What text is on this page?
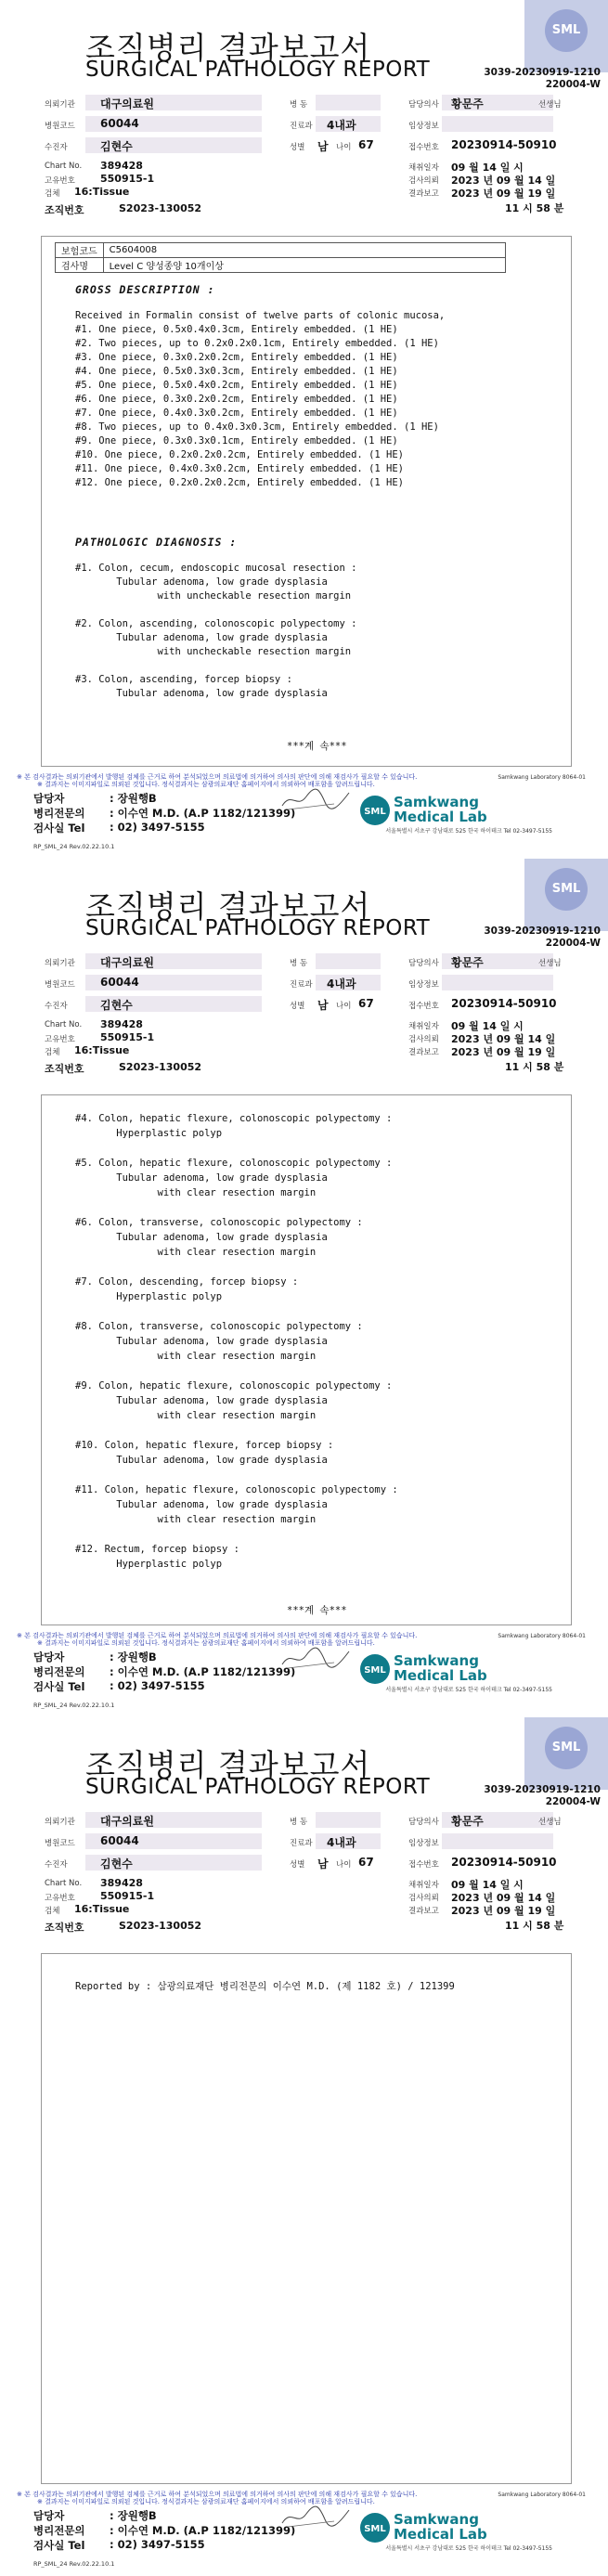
조직병리 결과보고서
SURGICAL PATHOLOGY REPORT
SML
3039-20230919-1210
220004-W
의뢰기관 대구의료원
병원코드 60044
수진자	김현수
병 동
진료과 4내과
성별 남 나이 67
담당의사 황문주	선생님
임상정보
접수번호 20230914-50910
Chart No. 389428
고유번호 550915-1
검체 16:Tissue
조직번호	S2023-130052
채취일자 09 월 14 일 시
검사의뢰 2023 년 09 월 14 일
결과보고 2023 년 09 월 19 일
11 시 58 분
※ 본 검사결과는 의뢰기관에서 발행된 검체를 근거로 하여 분석되었으며 의료법에 의거하여 의사의 판단에 의해 재검사가 필요할 수 있습니다.
※ 결과지는 이미지파일로 의뢰된 것입니다. 정식결과지는 삼광의료재단 홈페이지에서 의뢰하여 배포함을 알려드립니다.
Samkwang Laboratory 8064-01
담당자	: 장원행B
병리전문의 : 이수연 M.D. (A.P 1182/121399)
검사실 Tel : 02) 3497-5155
SML
Samkwang
Medical Lab
서울특별시 서초구 강남대로 525 한국 하이테크 Tel 02-3497-5155
RP_SML_24 Rev.02.22.10.1
보험코드	C5604008
검사명	Level C 양성종양 10개이상
GROSS DESCRIPTION :
Received in Formalin consist of twelve parts of colonic mucosa,
#1. One piece, 0.5x0.4x0.3cm, Entirely embedded. (1 HE)
#2. Two pieces, up to 0.2x0.2x0.1cm, Entirely embedded. (1 HE)
#3. One piece, 0.3x0.2x0.2cm, Entirely embedded. (1 HE)
#4. One piece, 0.5x0.3x0.3cm, Entirely embedded. (1 HE)
#5. One piece, 0.5x0.4x0.2cm, Entirely embedded. (1 HE)
#6. One piece, 0.3x0.2x0.2cm, Entirely embedded. (1 HE)
#7. One piece, 0.4x0.3x0.2cm, Entirely embedded. (1 HE)
#8. Two pieces, up to 0.4x0.3x0.3cm, Entirely embedded. (1 HE)
#9. One piece, 0.3x0.3x0.1cm, Entirely embedded. (1 HE)
#10. One piece, 0.2x0.2x0.2cm, Entirely embedded. (1 HE)
#11. One piece, 0.4x0.3x0.2cm, Entirely embedded. (1 HE)
#12. One piece, 0.2x0.2x0.2cm, Entirely embedded. (1 HE)
PATHOLOGIC DIAGNOSIS :
#1. Colon, cecum, endoscopic mucosal resection :
Tubular adenoma, low grade dysplasia
with uncheckable resection margin
#2. Colon, ascending, colonoscopic polypectomy :
Tubular adenoma, low grade dysplasia
with uncheckable resection margin
#3. Colon, ascending, forcep biopsy :
Tubular adenoma, low grade dysplasia
***계 속***
조직병리 결과보고서
SURGICAL PATHOLOGY REPORT
SML
3039-20230919-1210
220004-W
의뢰기관 대구의료원
병원코드 60044
수진자	김현수
병 동
진료과 4내과
성별 남 나이 67
담당의사 황문주	선생님
임상정보
접수번호 20230914-50910
Chart No. 389428
고유번호 550915-1
검체 16:Tissue
조직번호	S2023-130052
채취일자 09 월 14 일 시
검사의뢰 2023 년 09 월 14 일
결과보고 2023 년 09 월 19 일
11 시 58 분
※ 본 검사결과는 의뢰기관에서 발행된 검체를 근거로 하여 분석되었으며 의료법에 의거하여 의사의 판단에 의해 재검사가 필요할 수 있습니다.
※ 결과지는 이미지파일로 의뢰된 것입니다. 정식결과지는 삼광의료재단 홈페이지에서 의뢰하여 배포함을 알려드립니다.
Samkwang Laboratory 8064-01
담당자	: 장원행B
병리전문의 : 이수연 M.D. (A.P 1182/121399)
검사실 Tel : 02) 3497-5155
SML
Samkwang
Medical Lab
서울특별시 서초구 강남대로 525 한국 하이테크 Tel 02-3497-5155
RP_SML_24 Rev.02.22.10.1
#4. Colon, hepatic flexure, colonoscopic polypectomy :
Hyperplastic polyp
#5. Colon, hepatic flexure, colonoscopic polypectomy :
Tubular adenoma, low grade dysplasia
with clear resection margin
#6. Colon, transverse, colonoscopic polypectomy :
Tubular adenoma, low grade dysplasia
with clear resection margin
#7. Colon, descending, forcep biopsy :
Hyperplastic polyp
#8. Colon, transverse, colonoscopic polypectomy :
Tubular adenoma, low grade dysplasia
with clear resection margin
#9. Colon, hepatic flexure, colonoscopic polypectomy :
Tubular adenoma, low grade dysplasia
with clear resection margin
#10. Colon, hepatic flexure, forcep biopsy :
Tubular adenoma, low grade dysplasia
#11. Colon, hepatic flexure, colonoscopic polypectomy :
Tubular adenoma, low grade dysplasia
with clear resection margin
#12. Rectum, forcep biopsy :
Hyperplastic polyp
***계 속***
조직병리 결과보고서
SURGICAL PATHOLOGY REPORT
SML
3039-20230919-1210
220004-W
의뢰기관 대구의료원
병원코드 60044
수진자	김현수
병 동
진료과 4내과
성별 남 나이 67
담당의사 황문주	선생님
임상정보
접수번호 20230914-50910
Chart No. 389428
고유번호 550915-1
검체 16:Tissue
조직번호	S2023-130052
채취일자 09 월 14 일 시
검사의뢰 2023 년 09 월 14 일
결과보고 2023 년 09 월 19 일
11 시 58 분
※ 본 검사결과는 의뢰기관에서 발행된 검체를 근거로 하여 분석되었으며 의료법에 의거하여 의사의 판단에 의해 재검사가 필요할 수 있습니다.
※ 결과지는 이미지파일로 의뢰된 것입니다. 정식결과지는 삼광의료재단 홈페이지에서 의뢰하여 배포함을 알려드립니다.
Samkwang Laboratory 8064-01
담당자	: 장원행B
병리전문의 : 이수연 M.D. (A.P 1182/121399)
검사실 Tel : 02) 3497-5155
SML
Samkwang
Medical Lab
서울특별시 서초구 강남대로 525 한국 하이테크 Tel 02-3497-5155
RP_SML_24 Rev.02.22.10.1
Reported by : 삼광의료재단 병리전문의 이수연 M.D. (제 1182 호) / 121399
